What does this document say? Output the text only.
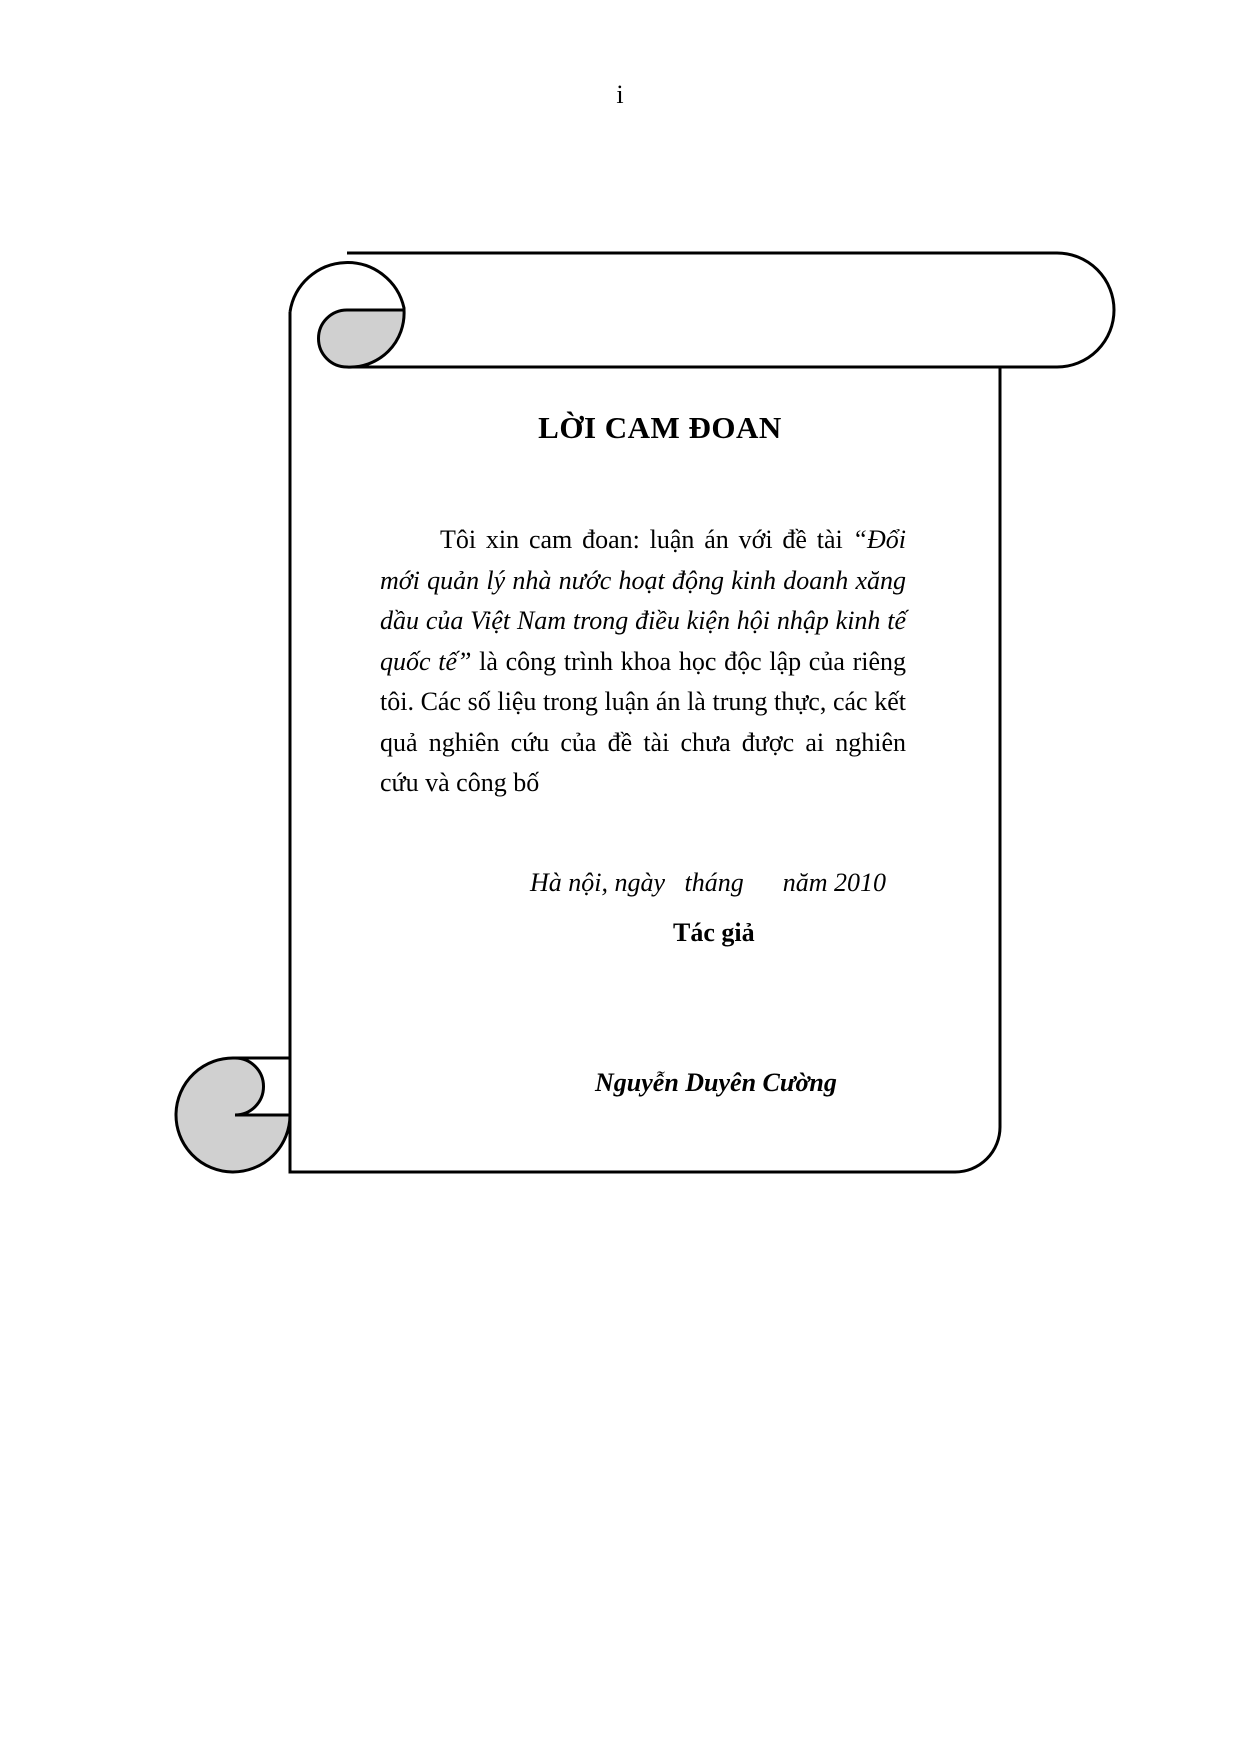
i
LỜI CAM ĐOAN
Tôi xin cam đoan: luận án với đề tài “Đổi mới quản lý nhà nước hoạt động kinh doanh xăng dầu của Việt Nam trong điều kiện hội nhập kinh tế quốc tế” là công trình khoa học độc lập của riêng tôi. Các số liệu trong luận án là trung thực, các kết quả nghiên cứu của đề tài chưa được ai nghiên cứu và công bố
Hà nội, ngày   tháng      năm 2010
Tác giả
Nguyễn Duyên Cường
